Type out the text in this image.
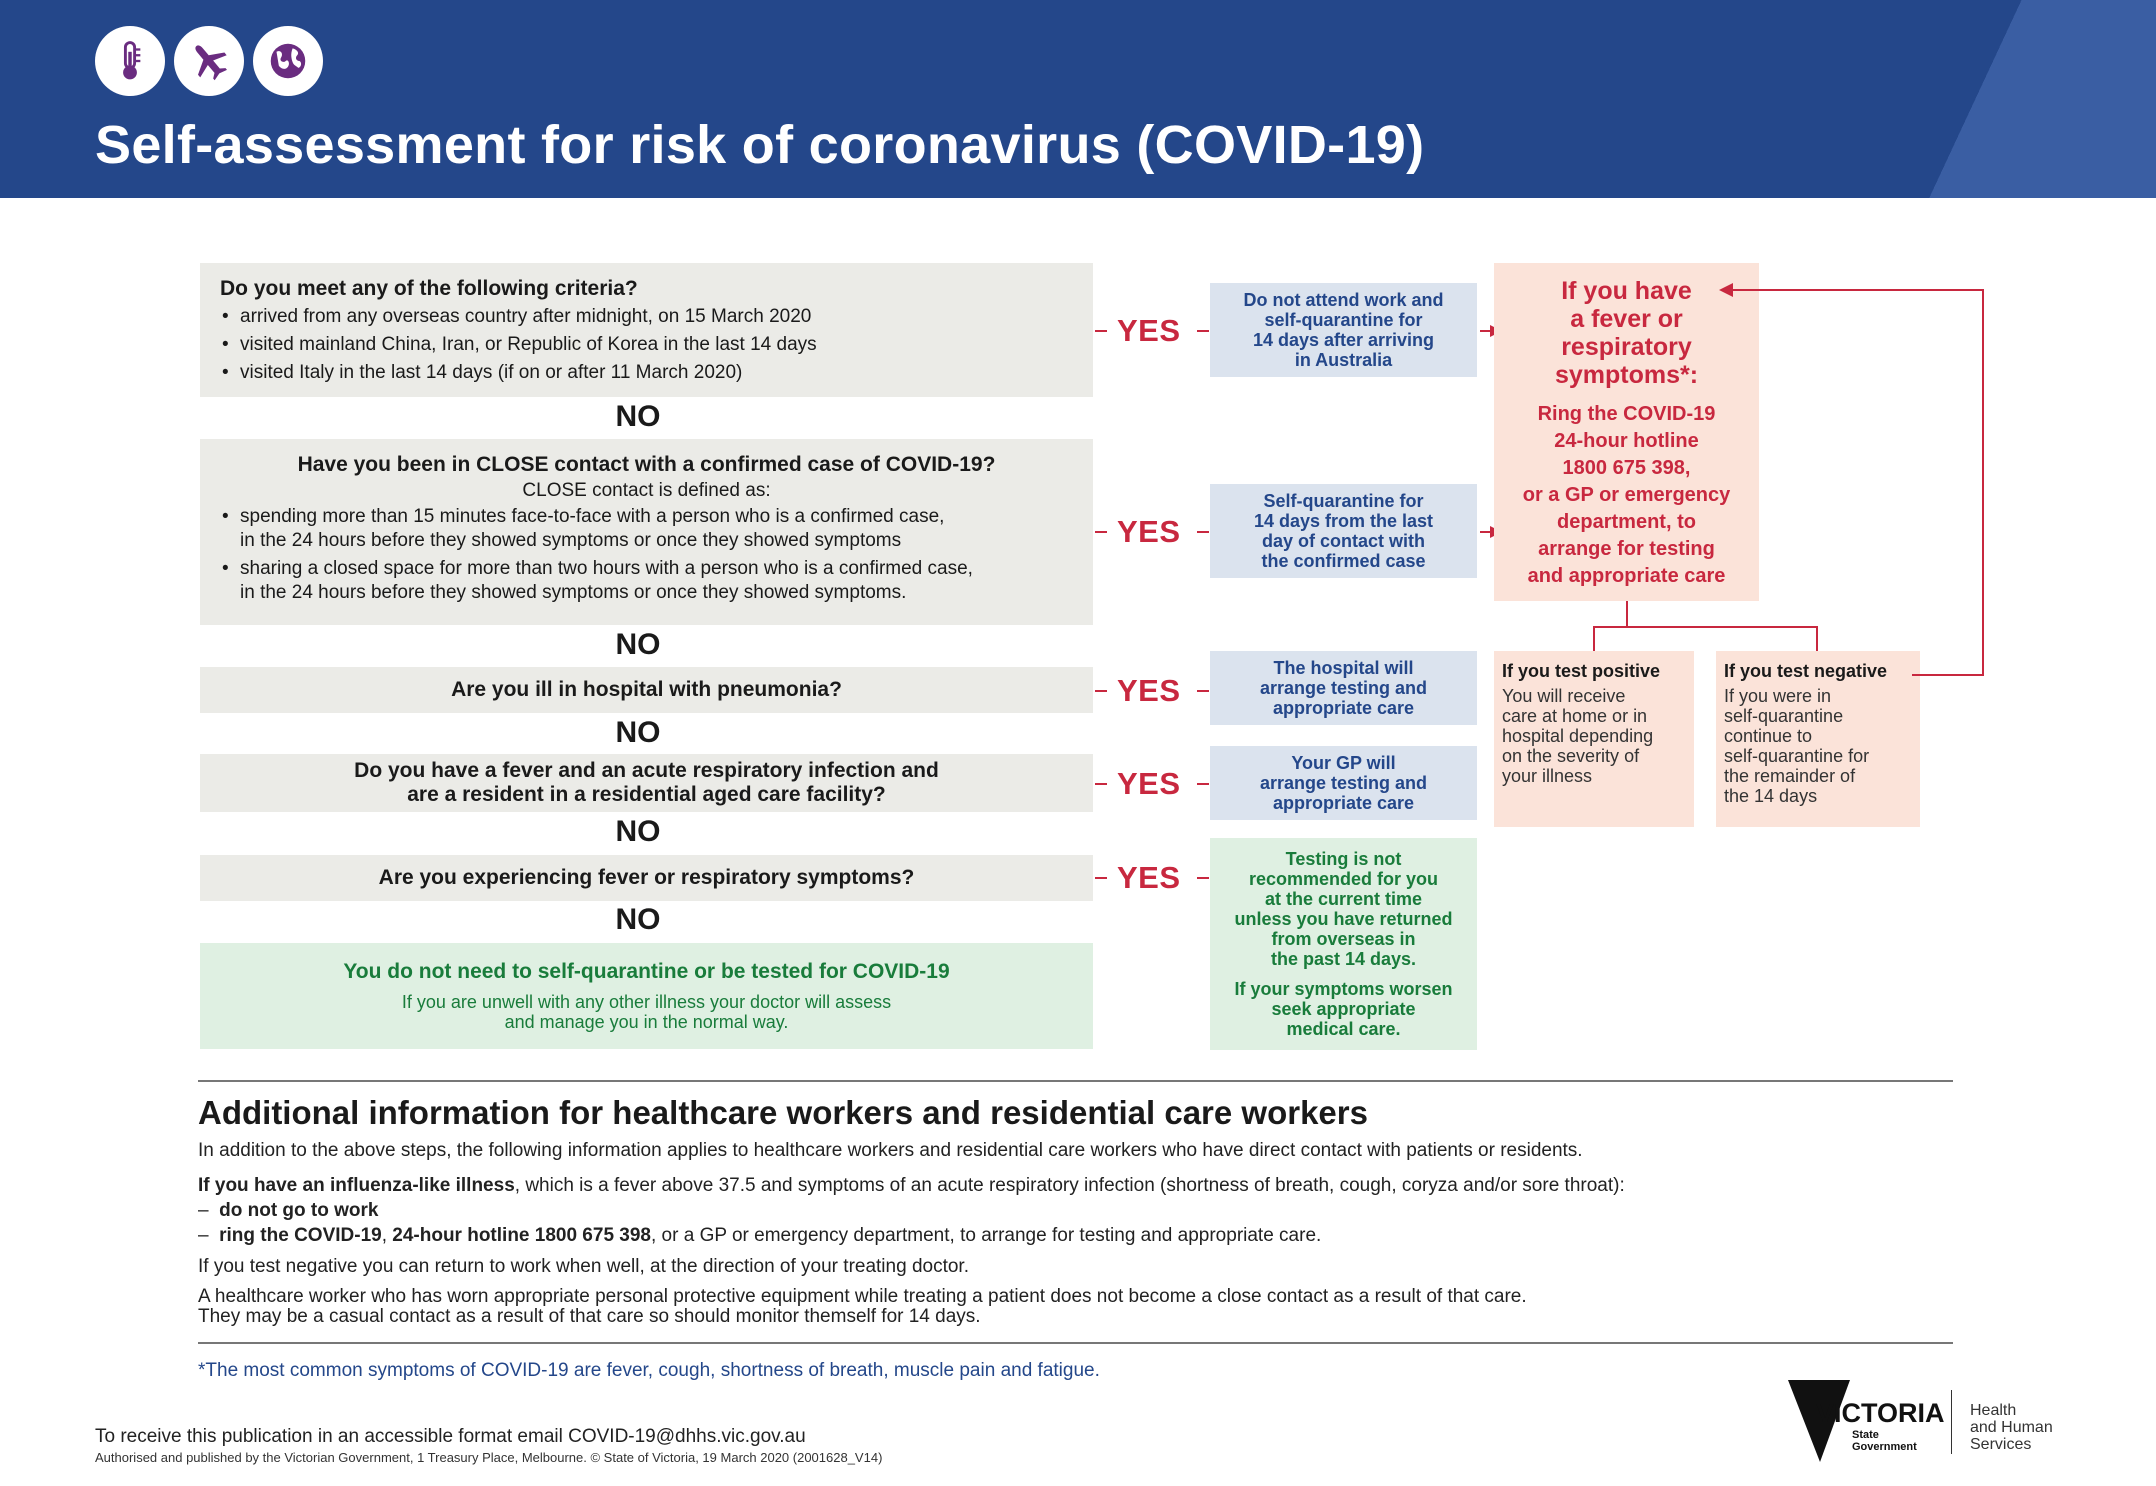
Self-assessment for risk of coronavirus (COVID-19)
Do you meet any of the following criteria?
• arrived from any overseas country after midnight, on 15 March 2020
• visited mainland China, Iran, or Republic of Korea in the last 14 days
• visited Italy in the last 14 days (if on or after 11 March 2020)
NO
Have you been in CLOSE contact with a confirmed case of COVID-19?
CLOSE contact is defined as:
• spending more than 15 minutes face-to-face with a person who is a confirmed case,
in the 24 hours before they showed symptoms or once they showed symptoms
• sharing a closed space for more than two hours with a person who is a confirmed case,
in the 24 hours before they showed symptoms or once they showed symptoms.
NO
Are you ill in hospital with pneumonia?
NO
Do you have a fever and an acute respiratory infection and
are a resident in a residential aged care facility?
NO
Are you experiencing fever or respiratory symptoms?
NO
You do not need to self-quarantine or be tested for COVID-19
If you are unwell with any other illness your doctor will assess
and manage you in the normal way.
YES
YES
YES
YES
YES
Do not attend work and
self-quarantine for
14 days after arriving
in Australia
Self-quarantine for
14 days from the last
day of contact with
the confirmed case
The hospital will
arrange testing and
appropriate care
Your GP will
arrange testing and
appropriate care
Testing is not
recommended for you
at the current time
unless you have returned
from overseas in
the past 14 days.
If your symptoms worsen
seek appropriate
medical care.
If you have
a fever or
respiratory
symptoms*:
Ring the COVID-19
24-hour hotline
1800 675 398,
or a GP or emergency
department, to
arrange for testing
and appropriate care
If you test positive
You will receive
care at home or in
hospital depending
on the severity of
your illness
If you test negative
If you were in
self-quarantine
continue to
self-quarantine for
the remainder of
the 14 days
Additional information for healthcare workers and residential care workers
In addition to the above steps, the following information applies to healthcare workers and residential care workers who have direct contact with patients or residents.
If you have an influenza-like illness, which is a fever above 37.5 and symptoms of an acute respiratory infection (shortness of breath, cough, coryza and/or sore throat):
–  do not go to work
–  ring the COVID-19, 24-hour hotline 1800 675 398, or a GP or emergency department, to arrange for testing and appropriate care.
If you test negative you can return to work when well, at the direction of your treating doctor.
A healthcare worker who has worn appropriate personal protective equipment while treating a patient does not become a close contact as a result of that care.
They may be a casual contact as a result of that care so should monitor themself for 14 days.
*The most common symptoms of COVID-19 are fever, cough, shortness of breath, muscle pain and fatigue.
To receive this publication in an accessible format email COVID-19@dhhs.vic.gov.au
Authorised and published by the Victorian Government, 1 Treasury Place, Melbourne. © State of Victoria, 19 March 2020 (2001628_V14)
VICTORIA
State
Government
Health
and Human
Services
